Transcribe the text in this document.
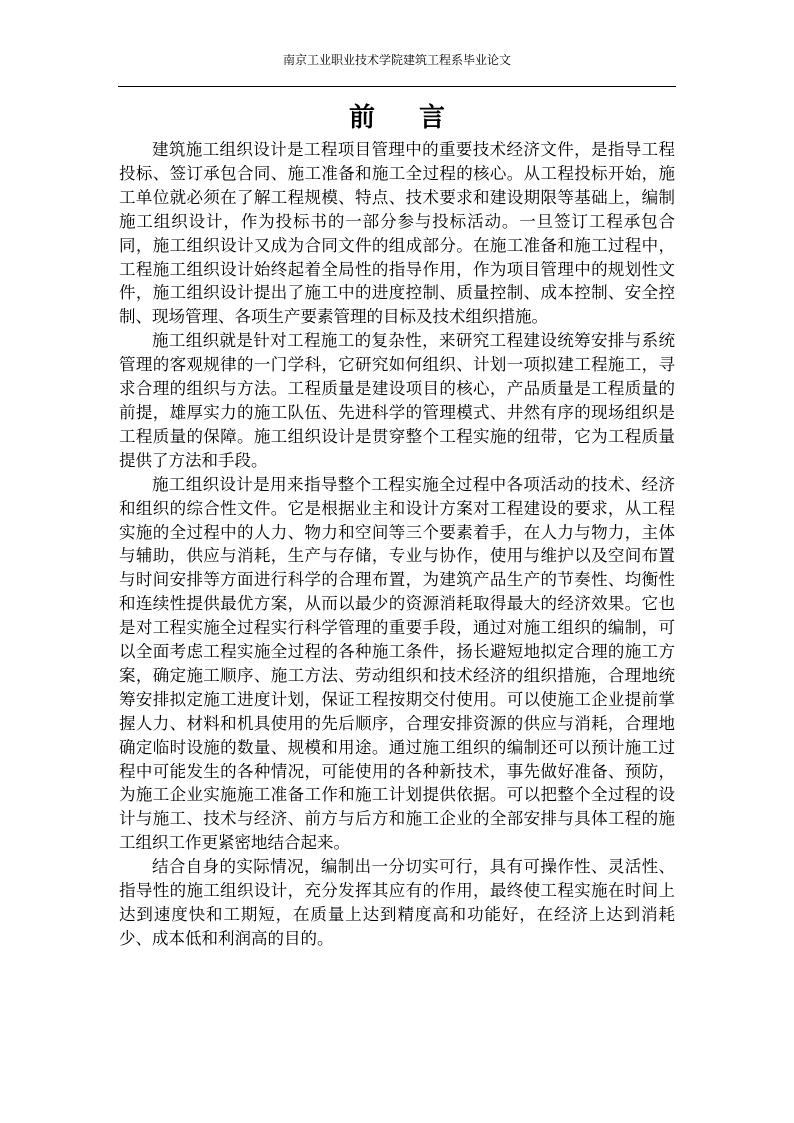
南京工业职业技术学院建筑工程系毕业论文
前言

建筑施工组织设计是工程项目管理中的重要技术经济文件，是指导工程投标、签订承包合同、施工准备和施工全过程的核心。从工程投标开始，施工单位就必须在了解工程规模、特点、技术要求和建设期限等基础上，编制施工组织设计，作为投标书的一部分参与投标活动。一旦签订工程承包合同，施工组织设计又成为合同文件的组成部分。在施工准备和施工过程中，工程施工组织设计始终起着全局性的指导作用，作为项目管理中的规划性文件，施工组织设计提出了施工中的进度控制、质量控制、成本控制、安全控制、现场管理、各项生产要素管理的目标及技术组织措施。

施工组织就是针对工程施工的复杂性，来研究工程建设统筹安排与系统管理的客观规律的一门学科，它研究如何组织、计划一项拟建工程施工，寻求合理的组织与方法。工程质量是建设项目的核心，产品质量是工程质量的前提，雄厚实力的施工队伍、先进科学的管理模式、井然有序的现场组织是工程质量的保障。施工组织设计是贯穿整个工程实施的纽带，它为工程质量提供了方法和手段。

施工组织设计是用来指导整个工程实施全过程中各项活动的技术、经济和组织的综合性文件。它是根据业主和设计方案对工程建设的要求，从工程实施的全过程中的人力、物力和空间等三个要素着手，在人力与物力，主体与辅助，供应与消耗，生产与存储，专业与协作，使用与维护以及空间布置与时间安排等方面进行科学的合理布置，为建筑产品生产的节奏性、均衡性和连续性提供最优方案，从而以最少的资源消耗取得最大的经济效果。它也是对工程实施全过程实行科学管理的重要手段，通过对施工组织的编制，可以全面考虑工程实施全过程的各种施工条件，扬长避短地拟定合理的施工方案，确定施工顺序、施工方法、劳动组织和技术经济的组织措施，合理地统筹安排拟定施工进度计划，保证工程按期交付使用。可以使施工企业提前掌握人力、材料和机具使用的先后顺序，合理安排资源的供应与消耗，合理地确定临时设施的数量、规模和用途。通过施工组织的编制还可以预计施工过程中可能发生的各种情况，可能使用的各种新技术，事先做好准备、预防，为施工企业实施施工准备工作和施工计划提供依据。可以把整个全过程的设计与施工、技术与经济、前方与后方和施工企业的全部安排与具体工程的施工组织工作更紧密地结合起来。

结合自身的实际情况，编制出一分切实可行，具有可操作性、灵活性、指导性的施工组织设计，充分发挥其应有的作用，最终使工程实施在时间上达到速度快和工期短，在质量上达到精度高和功能好，在经济上达到消耗少、成本低和利润高的目的。
